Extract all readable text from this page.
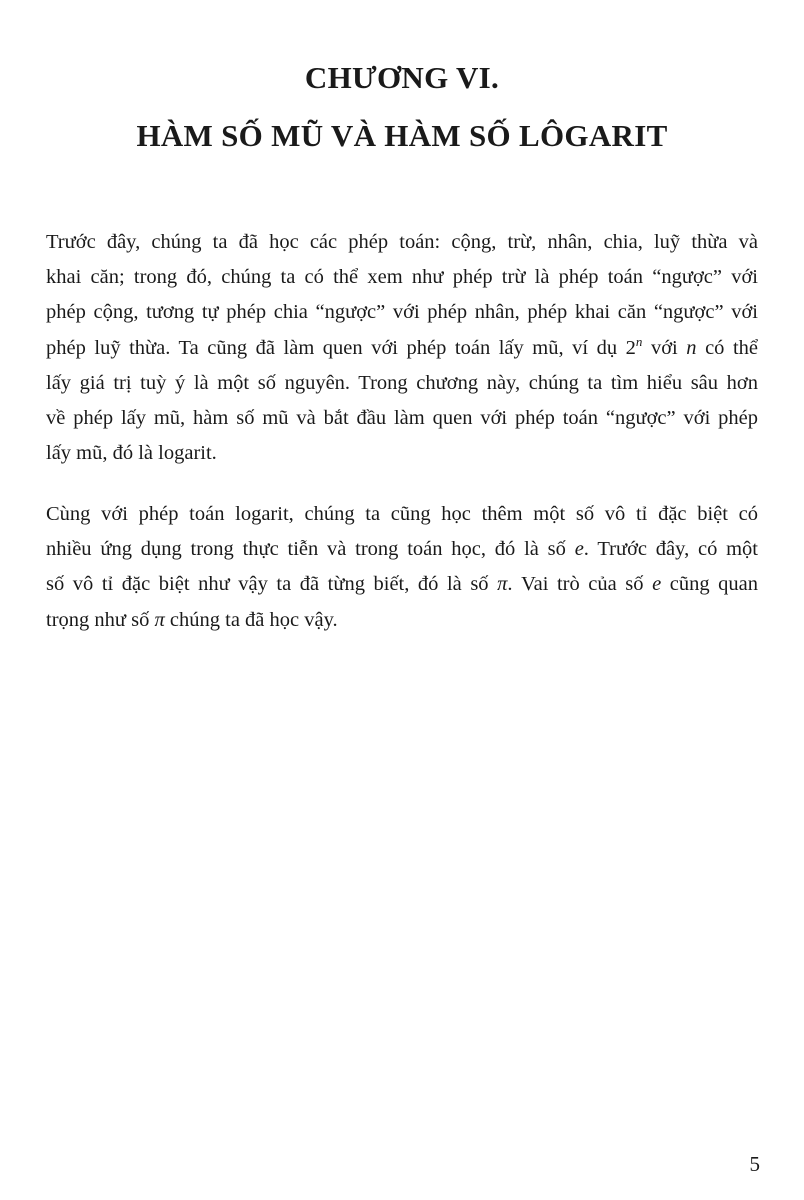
CHƯƠNG VI.
HÀM SỐ MŨ VÀ HÀM SỐ LÔGARIT

Trước đây, chúng ta đã học các phép toán: cộng, trừ, nhân, chia, luỹ thừa và
khai căn; trong đó, chúng ta có thể xem như phép trừ là phép toán “ngược” với
phép cộng, tương tự phép chia “ngược” với phép nhân, phép khai căn “ngược” với
phép luỹ thừa. Ta cũng đã làm quen với phép toán lấy mũ, ví dụ 2$^n$ với n có thể
lấy giá trị tuỳ ý là một số nguyên. Trong chương này, chúng ta tìm hiểu sâu hơn
về phép lấy mũ, hàm số mũ và bắt đầu làm quen với phép toán “ngược” với phép
lấy mũ, đó là logarit.

Cùng với phép toán logarit, chúng ta cũng học thêm một số vô tỉ đặc biệt có
nhiều ứng dụng trong thực tiễn và trong toán học, đó là số e. Trước đây, có một
số vô tỉ đặc biệt như vậy ta đã từng biết, đó là số π. Vai trò của số e cũng quan
trọng như số π chúng ta đã học vậy.

5
